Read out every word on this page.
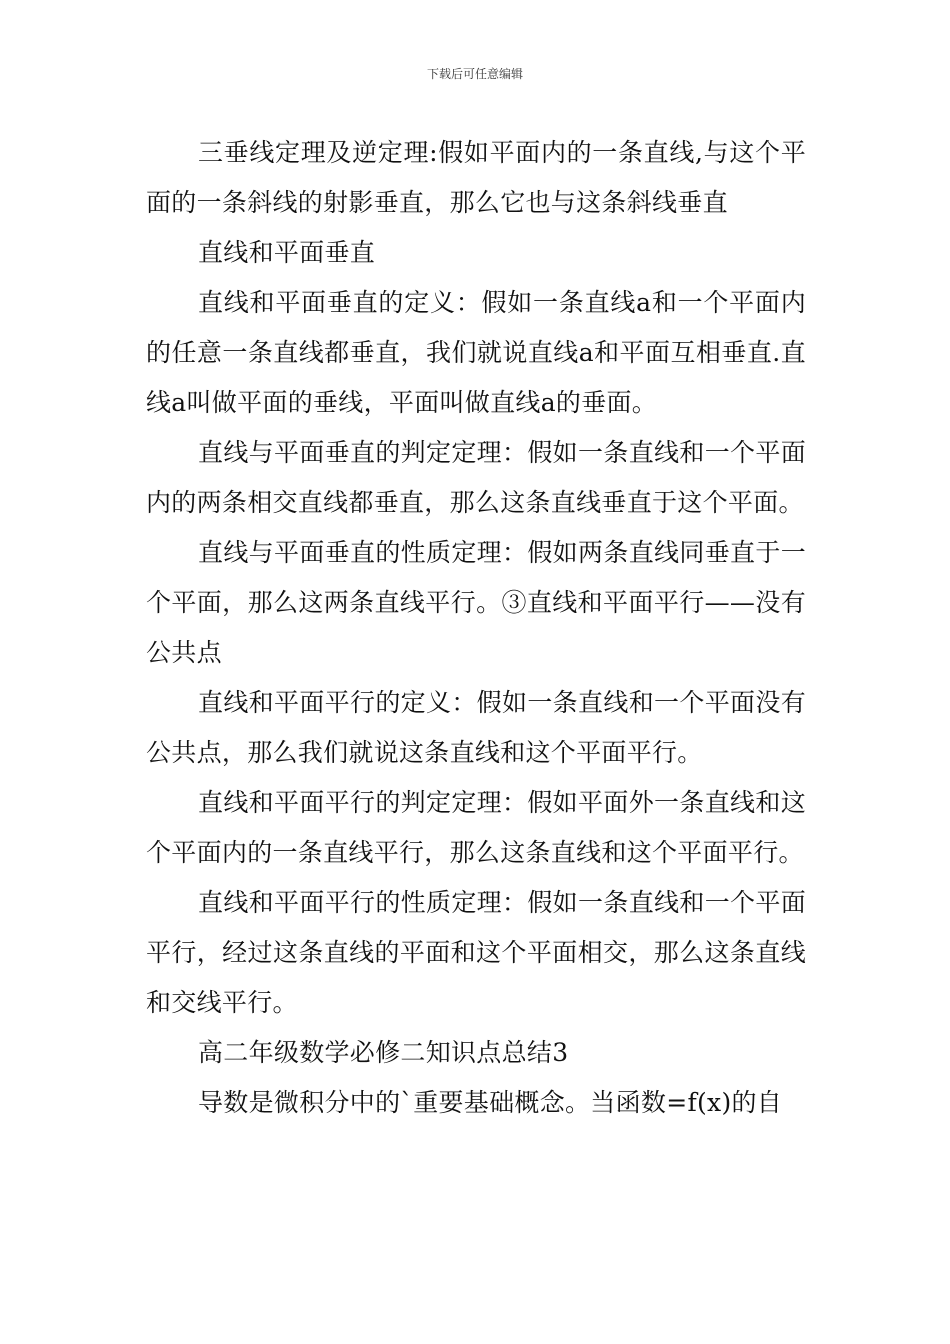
下载后可任意编辑

三垂线定理及逆定理:假如平面内的一条直线,与这个平面的一条斜线的射影垂直，那么它也与这条斜线垂直

直线和平面垂直

直线和平面垂直的定义：假如一条直线a和一个平面内的任意一条直线都垂直，我们就说直线a和平面互相垂直.直线a叫做平面的垂线，平面叫做直线a的垂面。

直线与平面垂直的判定定理：假如一条直线和一个平面内的两条相交直线都垂直，那么这条直线垂直于这个平面。

直线与平面垂直的性质定理：假如两条直线同垂直于一个平面，那么这两条直线平行。③直线和平面平行——没有公共点

直线和平面平行的定义：假如一条直线和一个平面没有公共点，那么我们就说这条直线和这个平面平行。

直线和平面平行的判定定理：假如平面外一条直线和这个平面内的一条直线平行，那么这条直线和这个平面平行。

直线和平面平行的性质定理：假如一条直线和一个平面平行，经过这条直线的平面和这个平面相交，那么这条直线和交线平行。

高二年级数学必修二知识点总结3

导数是微积分中的`重要基础概念。当函数=f(x)的自
